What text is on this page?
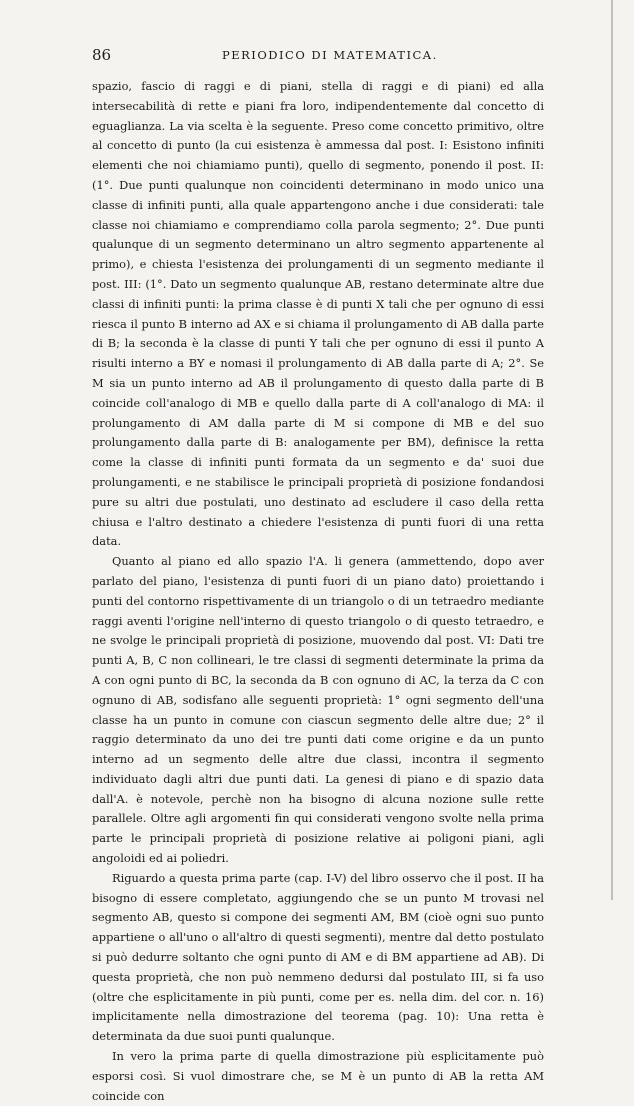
86	PERIODICO DI MATEMATICA.

spazio, fascio di raggi e di piani, stella di raggi e di piani) ed alla intersecabilità di rette e piani fra loro, indipendentemente dal concetto di eguaglianza. La via scelta è la seguente. Preso come concetto primitivo, oltre al concetto di punto (la cui esistenza è ammessa dal post. I: Esistono infiniti elementi che noi chiamiamo punti), quello di segmento, ponendo il post. II: (1°. Due punti qualunque non coincidenti determinano in modo unico una classe di infiniti punti, alla quale appartengono anche i due considerati: tale classe noi chiamiamo e comprendiamo colla parola segmento; 2°. Due punti qualunque di un segmento determinano un altro segmento appartenente al primo), e chiesta l'esistenza dei prolungamenti di un segmento mediante il post. III: (1°. Dato un segmento qualunque AB, restano determinate altre due classi di infiniti punti: la prima classe è di punti X tali che per ognuno di essi riesca il punto B interno ad AX e si chiama il prolungamento di AB dalla parte di B; la seconda è la classe di punti Y tali che per ognuno di essi il punto A risulti interno a BY e nomasi il prolungamento di AB dalla parte di A; 2°. Se M sia un punto interno ad AB il prolungamento di questo dalla parte di B coincide coll'analogo di MB e quello dalla parte di A coll'analogo di MA: il prolungamento di AM dalla parte di M si compone di MB e del suo prolungamento dalla parte di B: analogamente per BM), definisce la retta come la classe di infiniti punti formata da un segmento e da' suoi due prolungamenti, e ne stabilisce le principali proprietà di posizione fondandosi pure su altri due postulati, uno destinato ad escludere il caso della retta chiusa e l'altro destinato a chiedere l'esistenza di punti fuori di una retta data.

Quanto al piano ed allo spazio l'A. li genera (ammettendo, dopo aver parlato del piano, l'esistenza di punti fuori di un piano dato) proiettando i punti del contorno rispettivamente di un triangolo o di un tetraedro mediante raggi aventi l'origine nell'interno di questo triangolo o di questo tetraedro, e ne svolge le principali proprietà di posizione, muovendo dal post. VI: Dati tre punti A, B, C non collineari, le tre classi di segmenti determinate la prima da A con ogni punto di BC, la seconda da B con ognuno di AC, la terza da C con ognuno di AB, sodisfano alle seguenti proprietà: 1° ogni segmento dell'una classe ha un punto in comune con ciascun segmento delle altre due; 2° il raggio determinato da uno dei tre punti dati come origine e da un punto interno ad un segmento delle altre due classi, incontra il segmento individuato dagli altri due punti dati. La genesi di piano e di spazio data dall'A. è notevole, perchè non ha bisogno di alcuna nozione sulle rette parallele. Oltre agli argomenti fin qui considerati vengono svolte nella prima parte le principali proprietà di posizione relative ai poligoni piani, agli angoloidi ed ai poliedri.

Riguardo a questa prima parte (cap. I-V) del libro osservo che il post. II ha bisogno di essere completato, aggiungendo che se un punto M trovasi nel segmento AB, questo si compone dei segmenti AM, BM (cioè ogni suo punto appartiene o all'uno o all'altro di questi segmenti), mentre dal detto postulato si può dedurre soltanto che ogni punto di AM e di BM appartiene ad AB). Di questa proprietà, che non può nemmeno dedursi dal postulato III, si fa uso (oltre che esplicitamente in più punti, come per es. nella dim. del cor. n. 16) implicitamente nella dimostrazione del teorema (pag. 10): Una retta è determinata da due suoi punti qualunque.

In vero la prima parte di quella dimostrazione più esplicitamente può esporsi così. Si vuol dimostrare che, se M è un punto di AB la retta AM coincide con
